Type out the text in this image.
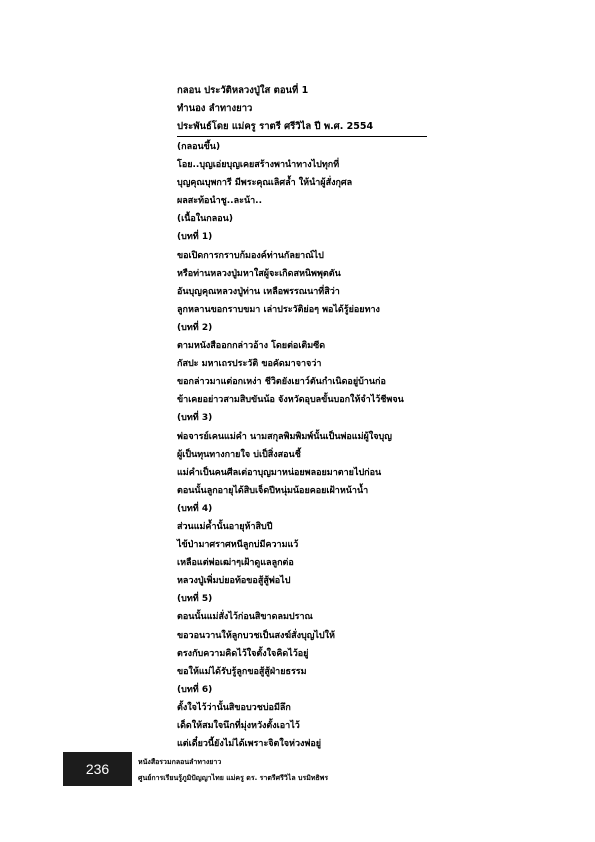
กลอน ประวัติหลวงปู่ใส ตอนที่ 1
ทำนอง ลำทางยาว
ประพันธ์โดย แม่ครู ราตรี ศรีวิไล ปี พ.ศ. 2554
(กลอนขึ้น)
โอย..บุญเอ่ยบุญเคยสร้างพานำทางไปทุกที่
บุญคุณบุพการี มีพระคุณเลิศล้ำ ให้นำผู้สั่งกุศล
ผลสะท้อนำชู..ละน้า..
(เนื้อในกลอน)
(บทที่ 1)
ขอเปิดการกราบก้มองค์ท่านกัลยาณ์ไป
หรือท่านหลวงปู่มหาใสผู้จะเกิดสหนิพพุตตัน
อันบุญคุณหลวงปู่ท่าน เหลือพรรณนาที่สิว่า
ลูกหลานขอกราบขมา เล่าประวัติย่อๆ พอได้รู้ย่อยทาง
(บทที่ 2)
ตามหนังสืออกกล่าวอ้าง โดยต่อเติมซีด
กัสปะ มหาเถรประวัติ ขอคัดมาจาจว่า
ขอกล่าวมาแต่อกเหง่า ชีวิตยังเยาว์ตันกำเนิดอยู่บ้านก่อ
ข้าเคยอย่าวสามสิบขันน้อ จังหวัดอุบลขั้นบอกให้จำไว้ชีพจน
(บทที่ 3)
พ่อจารย์เคนแม่คำ นามสกุลพิมพิมพ์นั้นเป็นพ่อแม่ผู้ใจบุญ
ผู้เป็นทุนทางกายใจ บ่เป็สิ่งสอนชี้
แม่คำเป็นคนศีลเต่อาบุญมาหน่อยพลอยมาตายไปก่อน
ตอนนั้นลูกอายุได้สิบเจ็ดปีหนุ่มน้อยคอยเฝ้าหน้าน้ำ
(บทที่ 4)
ส่วนแม่ค้ำนั้นอายุห้าสิบปี
ไข้ป่ามาศราศหนีลูกบ่มีความแว้
เหลือแต่พ่อเฒ่าๆเฝ้าดูแลลูกต่อ
หลวงปู่เพิ่มบ่ยอท้อขอสู้สู้พ่อไป
(บทที่ 5)
ตอนนั้นแม่สั่งไว้ก่อนสิขาดลมปราณ
ขอวอนวานให้ลูกบวชเป็นสงฆ์สั่งบุญไปให้
ตรงกับความคิดไว้ใจตั้งใจคิดไว้อยู่
ขอให้แม่ได้รับรู้ลูกขอสู้สู้ฝ่ายธรรม
(บทที่ 6)
ตั้งใจไว้ว่านั้นสิขอบวชบ่อมีลึก
เด็ดให้สมใจนึกที่มุ่งหวังตั้งเอาไว้
แต่เดี๋ยวนี้ยังไม่ได้เพราะจิตใจห่วงพ่อยู่
236	หนังสือรวมกลอนลำทางยาว
ศูนย์การเรียนรู้ภูมิปัญญาไทย แม่ครู ดร. ราตรีศรีวิไล บรมิทธิพร
